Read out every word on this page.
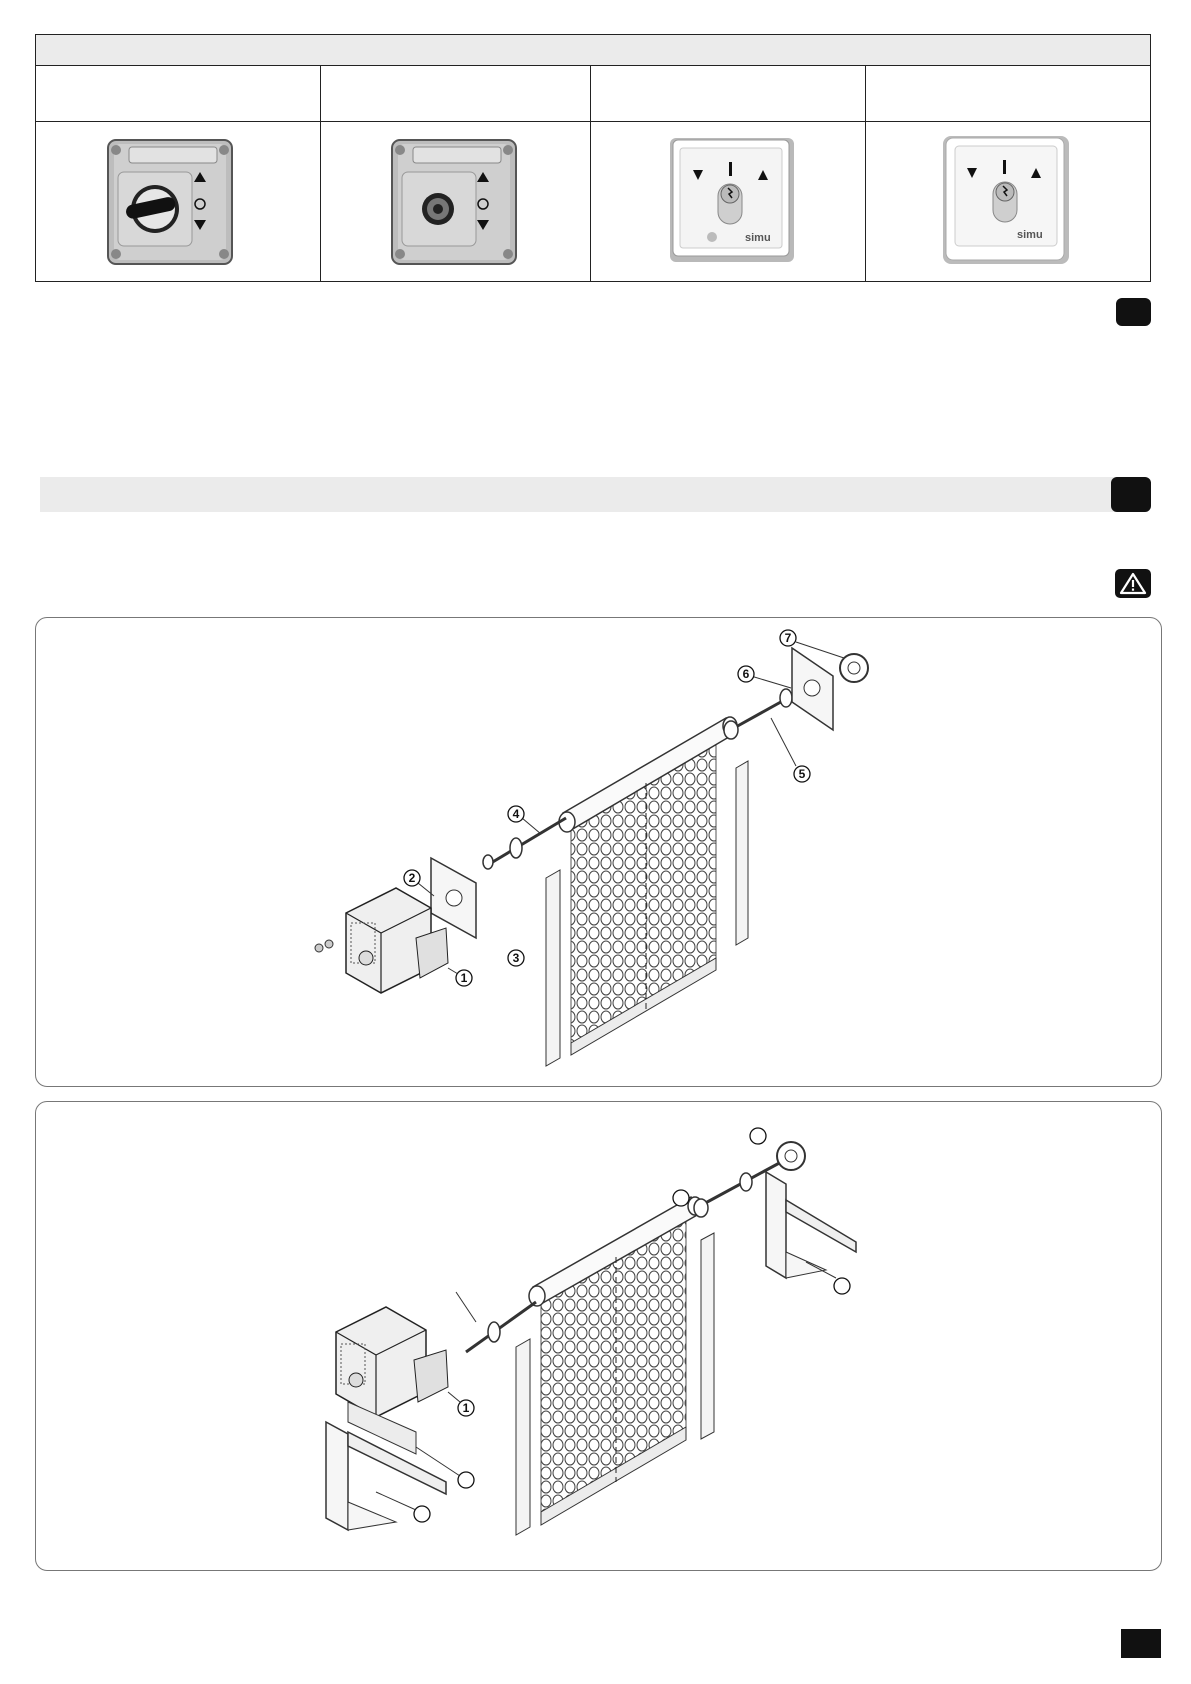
simu	simu
1
2
3
4
5
6
7
1
